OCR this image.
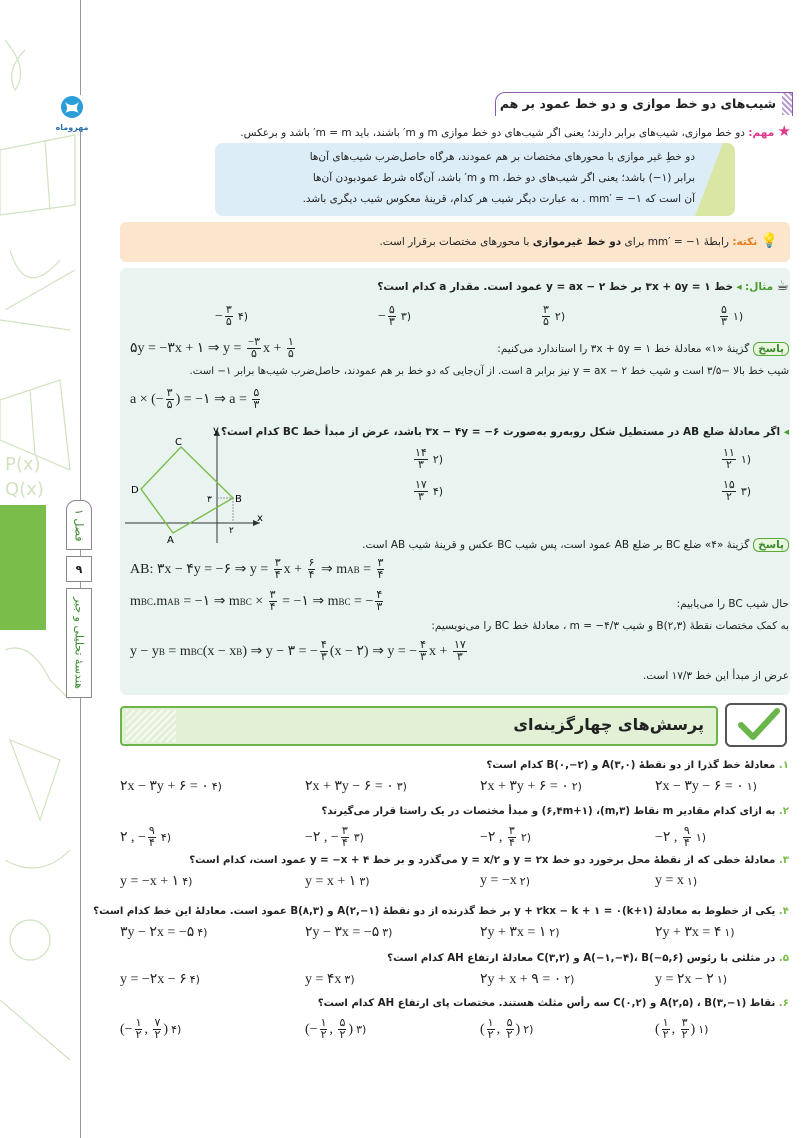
P(x)
Q(x)
مهروماه
فصل ۱
۹
هندسهٔ تحلیلی و جبر
شیب‌های دو خط موازی و دو خط عمود بر هم
★ مهم: دو خط موازی، شیب‌های برابر دارند؛ یعنی اگر شیب‌های دو خط موازی m و m′ باشند، باید m = m′ باشد و برعکس.
دو خطِ غیر موازی با محورهای مختصات بر هم عمودند، هرگاه حاصل‌ضرب شیب‌های آن‌ها
برابر (۱−) باشد؛ یعنی اگر شیب‌های دو خط، m و m′ باشد، آن‌گاه شرط عمودبودن آن‌ها
آن است که mm′ = −۱ . به عبارت دیگر شیب هر کدام، قرینهٔ معکوس شیب دیگری باشد.
💡 نکته: رابطهٔ mm′ = −۱ برای دو خط غیرموازی با محورهای مختصات برقرار است.
☕ مثال: ◂ خط ۳x + ۵y = ۱ بر خط y = ax − ۲ عمود است. مقدار a کدام است؟
$\frac{۵}{۳}$ ۱)
$\frac{۳}{۵}$ ۲)
− $\frac{۵}{۳}$ ۳)
− $\frac{۳}{۵}$ ۴)
پاسخگزینهٔ «۱» معادلهٔ خط ۳x + ۵y = ۱ را استاندارد می‌کنیم:
۵y = −۳x + ۱ ⇒ $y = \frac{-۳}{۵}$ $x + \frac{۱}{۵}$
شیب خط بالا −۳/۵ است و شیب خط y = ax − ۲ نیز برابر a است. از آن‌جایی که دو خط بر هم عمودند، حاصل‌ضرب شیب‌ها برابر ۱− است.
a × (− $\frac{۳}{۵}$ ) = −۱ ⇒ $a = \frac{۵}{۳}$
◂ اگر معادلهٔ ضلع AB در مستطیل شکل روبه‌رو به‌صورت ۳x − ۴y = −۶ باشد، عرض از مبدأ خط BC کدام است؟
$\frac{۱۱}{۲}$ ۱)
$\frac{۱۴}{۳}$ ۲)
$\frac{۱۵}{۲}$ ۳)
$\frac{۱۷}{۳}$ ۴)
C
D
B
A
y
x
۳
۲
پاسخگزینهٔ «۴» ضلع BC بر ضلع AB عمود است، پس شیب BC عکس و قرینهٔ شیب AB است.
AB: ۳x − ۴y = −۶ ⇒ $y = \frac{۳}{۴}$ $x + \frac{۶}{۴}$ ⇒ m AB = $\frac{۳}{۴}$
حال شیب BC را می‌یابیم:
m BC .m AB = −۱ ⇒ m BC × $\frac{۳}{۴}$ = −۱ ⇒ m BC = − $\frac{۴}{۳}$
به کمک مختصات نقطهٔ B(۲,۳) و شیب m = −۴/۳ ، معادلهٔ خط BC را می‌نویسیم:
y − y B = m BC (x − x B ) ⇒ y − ۳ = − $\frac{۴}{۳} (x$ − ۲) ⇒ y = − $\frac{۴}{۳}$ $x + \frac{۱۷}{۳}$
عرض از مبدأ این خط ۱۷/۳ است.
پرسش‌های چهارگزینه‌ای
۱. معادلهٔ خط گذرا از دو نقطهٔ A(۳,۰) و B(۰,−۲) کدام است؟
۲x − ۳y − ۶ = ۰ ۱)
۲x + ۳y + ۶ = ۰ ۲)
۲x + ۳y − ۶ = ۰ ۳)
۲x − ۳y + ۶ = ۰ ۴)
۲. به ازای کدام مقادیر m نقاط (m,۳)، (۶,۴m+۱) و مبدأ مختصات در یک راستا قرار می‌گیرند؟
−۲ , $\frac{۹}{۴}$ ۱)
−۲ , $\frac{۳}{۴}$ ۲)
−۲ , − $\frac{۳}{۴}$ ۳)
۲ , − $\frac{۹}{۴}$ ۴)
۳. معادلهٔ خطی که از نقطهٔ محل برخورد دو خط y = ۲x و y = x/۲ می‌گذرد و بر خط y = −x + ۴ عمود است، کدام است؟
y = x ۱)
y = −x ۲)
y = x + ۱ ۳)
y = −x + ۱ ۴)
۴. یکی از خطوط به معادلهٔ (k+۱)y + ۲kx − k + ۱ = ۰ بر خط گذرنده از دو نقطهٔ A(۲,−۱) و B(۸,۳) عمود است. معادلهٔ این خط کدام است؟
۲y + ۳x = ۴ ۱)
۲y + ۳x = ۱ ۲)
۲y − ۳x = −۵ ۳)
۳y − ۲x = −۵ ۴)
۵. در مثلثی با رئوس A(−۱,−۴)، B(−۵,۶) و C(۳,۲) معادلهٔ ارتفاع AH کدام است؟
y = ۲x − ۲ ۱)
۲y + x + ۹ = ۰ ۲)
y = ۴x ۳)
y = −۲x − ۶ ۴)
۶. نقاط A(۲,۵) ، B(۳,−۱) و C(۰,۲) سه رأس مثلث هستند. مختصات پای ارتفاع AH کدام است؟
( $\frac{۱}{۲}$ , $\frac{۳}{۲}$ ) ۱)
( $\frac{۱}{۲}$ , $\frac{۵}{۲}$ ) ۲)
(− $\frac{۱}{۲}$ , $\frac{۵}{۲}$ ) ۳)
(− $\frac{۱}{۲}$ , $\frac{۷}{۲}$ ) ۴)
